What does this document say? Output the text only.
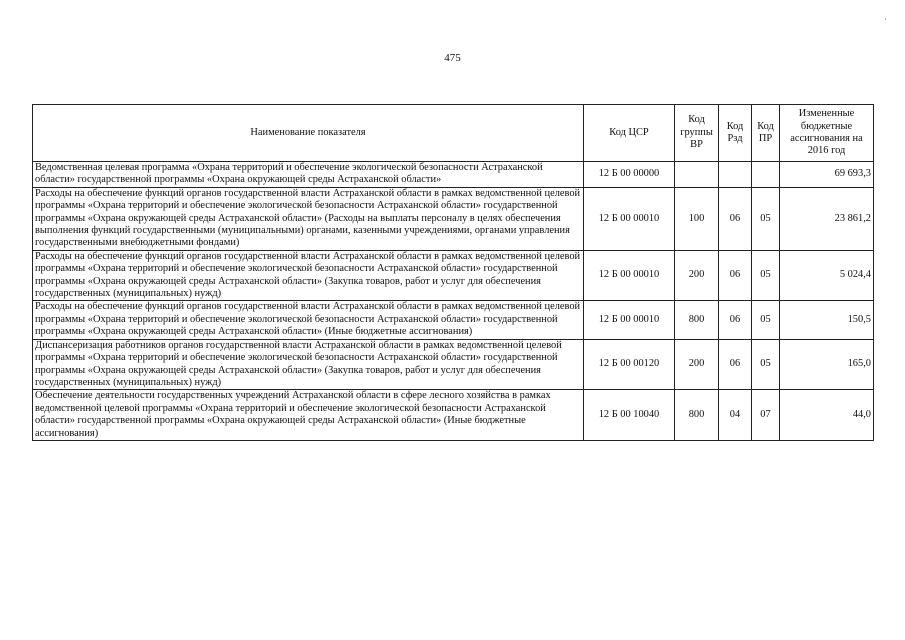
475
·
Наименование показателя	Код ЦСР	Код группы ВР	Код Рзд	Код ПР	Измененные бюджетные ассигнования на 2016 год
Ведомственная целевая программа «Охрана территорий и обеспечение экологической безопасности Астраханской области» государственной программы «Охрана окружающей среды Астраханской области»	12 Б 00 00000				69 693,3
Расходы на обеспечение функций органов государственной власти Астраханской области в рамках ведомственной целевой программы «Охрана территорий и обеспечение экологической безопасности Астраханской области» государственной программы «Охрана окружающей среды Астраханской области» (Расходы на выплаты персоналу в целях обеспечения выполнения функций государственными (муниципальными) органами, казенными учреждениями, органами управления государственными внебюджетными фондами)	12 Б 00 00010	100	06	05	23 861,2
Расходы на обеспечение функций органов государственной власти Астраханской области в рамках ведомственной целевой программы «Охрана территорий и обеспечение экологической безопасности Астраханской области» государственной программы «Охрана окружающей среды Астраханской области» (Закупка товаров, работ и услуг для обеспечения государственных (муниципальных) нужд)	12 Б 00 00010	200	06	05	5 024,4
Расходы на обеспечение функций органов государственной власти Астраханской области в рамках ведомственной целевой программы «Охрана территорий и обеспечение экологической безопасности Астраханской области» государственной программы «Охрана окружающей среды Астраханской области» (Иные бюджетные ассигнования)	12 Б 00 00010	800	06	05	150,5
Диспансеризация работников органов государственной власти Астраханской области в рамках ведомственной целевой программы «Охрана территорий и обеспечение экологической безопасности Астраханской области» государственной программы «Охрана окружающей среды Астраханской области» (Закупка товаров, работ и услуг для обеспечения государственных (муниципальных) нужд)	12 Б 00 00120	200	06	05	165,0
Обеспечение деятельности государственных учреждений Астраханской области в сфере лесного хозяйства в рамках ведомственной целевой программы «Охрана территорий и обеспечение экологической безопасности Астраханской области» государственной программы «Охрана окружающей среды Астраханской области» (Иные бюджетные ассигнования)	12 Б 00 10040	800	04	07	44,0
